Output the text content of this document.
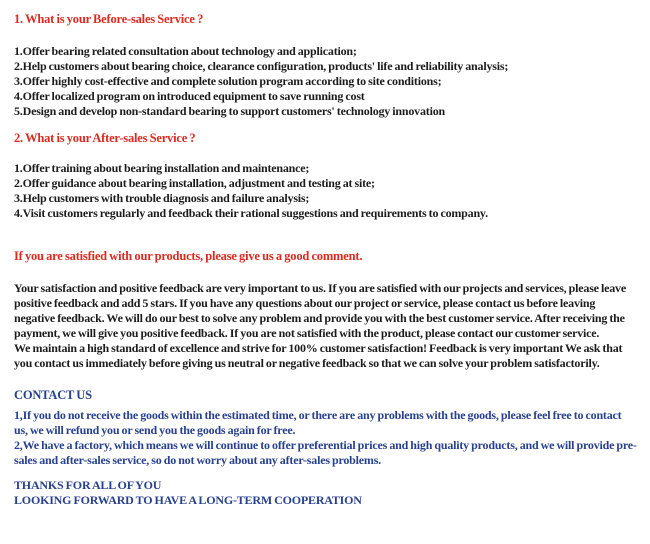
1. What is your Before-sales Service ?
1.Offer bearing related consultation about technology and application;
2.Help customers about bearing choice, clearance configuration, products' life and reliability analysis;
3.Offer highly cost-effective and complete solution program according to site conditions;
4.Offer localized program on introduced equipment to save running cost
5.Design and develop non-standard bearing to support customers' technology innovation
2. What is your After-sales Service ?
1.Offer training about bearing installation and maintenance;
2.Offer guidance about bearing installation, adjustment and testing at site;
3.Help customers with trouble diagnosis and failure analysis;
4.Visit customers regularly and feedback their rational suggestions and requirements to company.
If you are satisfied with our products, please give us a good comment.

Your satisfaction and positive feedback are very important to us. If you are satisfied with our projects and services, please leave positive feedback and add 5 stars. If you have any questions about our project or service, please contact us before leaving negative feedback. We will do our best to solve any problem and provide you with the best customer service. After receiving the payment, we will give you positive feedback. If you are not satisfied with the product, please contact our customer service.

We maintain a high standard of excellence and strive for 100% customer satisfaction! Feedback is very important We ask that you contact us immediately before giving us neutral or negative feedback so that we can solve your problem satisfactorily.

CONTACT US

1,If you do not receive the goods within the estimated time, or there are any problems with the goods, please feel free to contact us, we will refund you or send you the goods again for free.

2,We have a factory, which means we will continue to offer preferential prices and high quality products, and we will provide pre-sales and after-sales service, so do not worry about any after-sales problems.

THANKS FOR ALL OF YOU
LOOKING FORWARD TO HAVE A LONG-TERM COOPERATION
